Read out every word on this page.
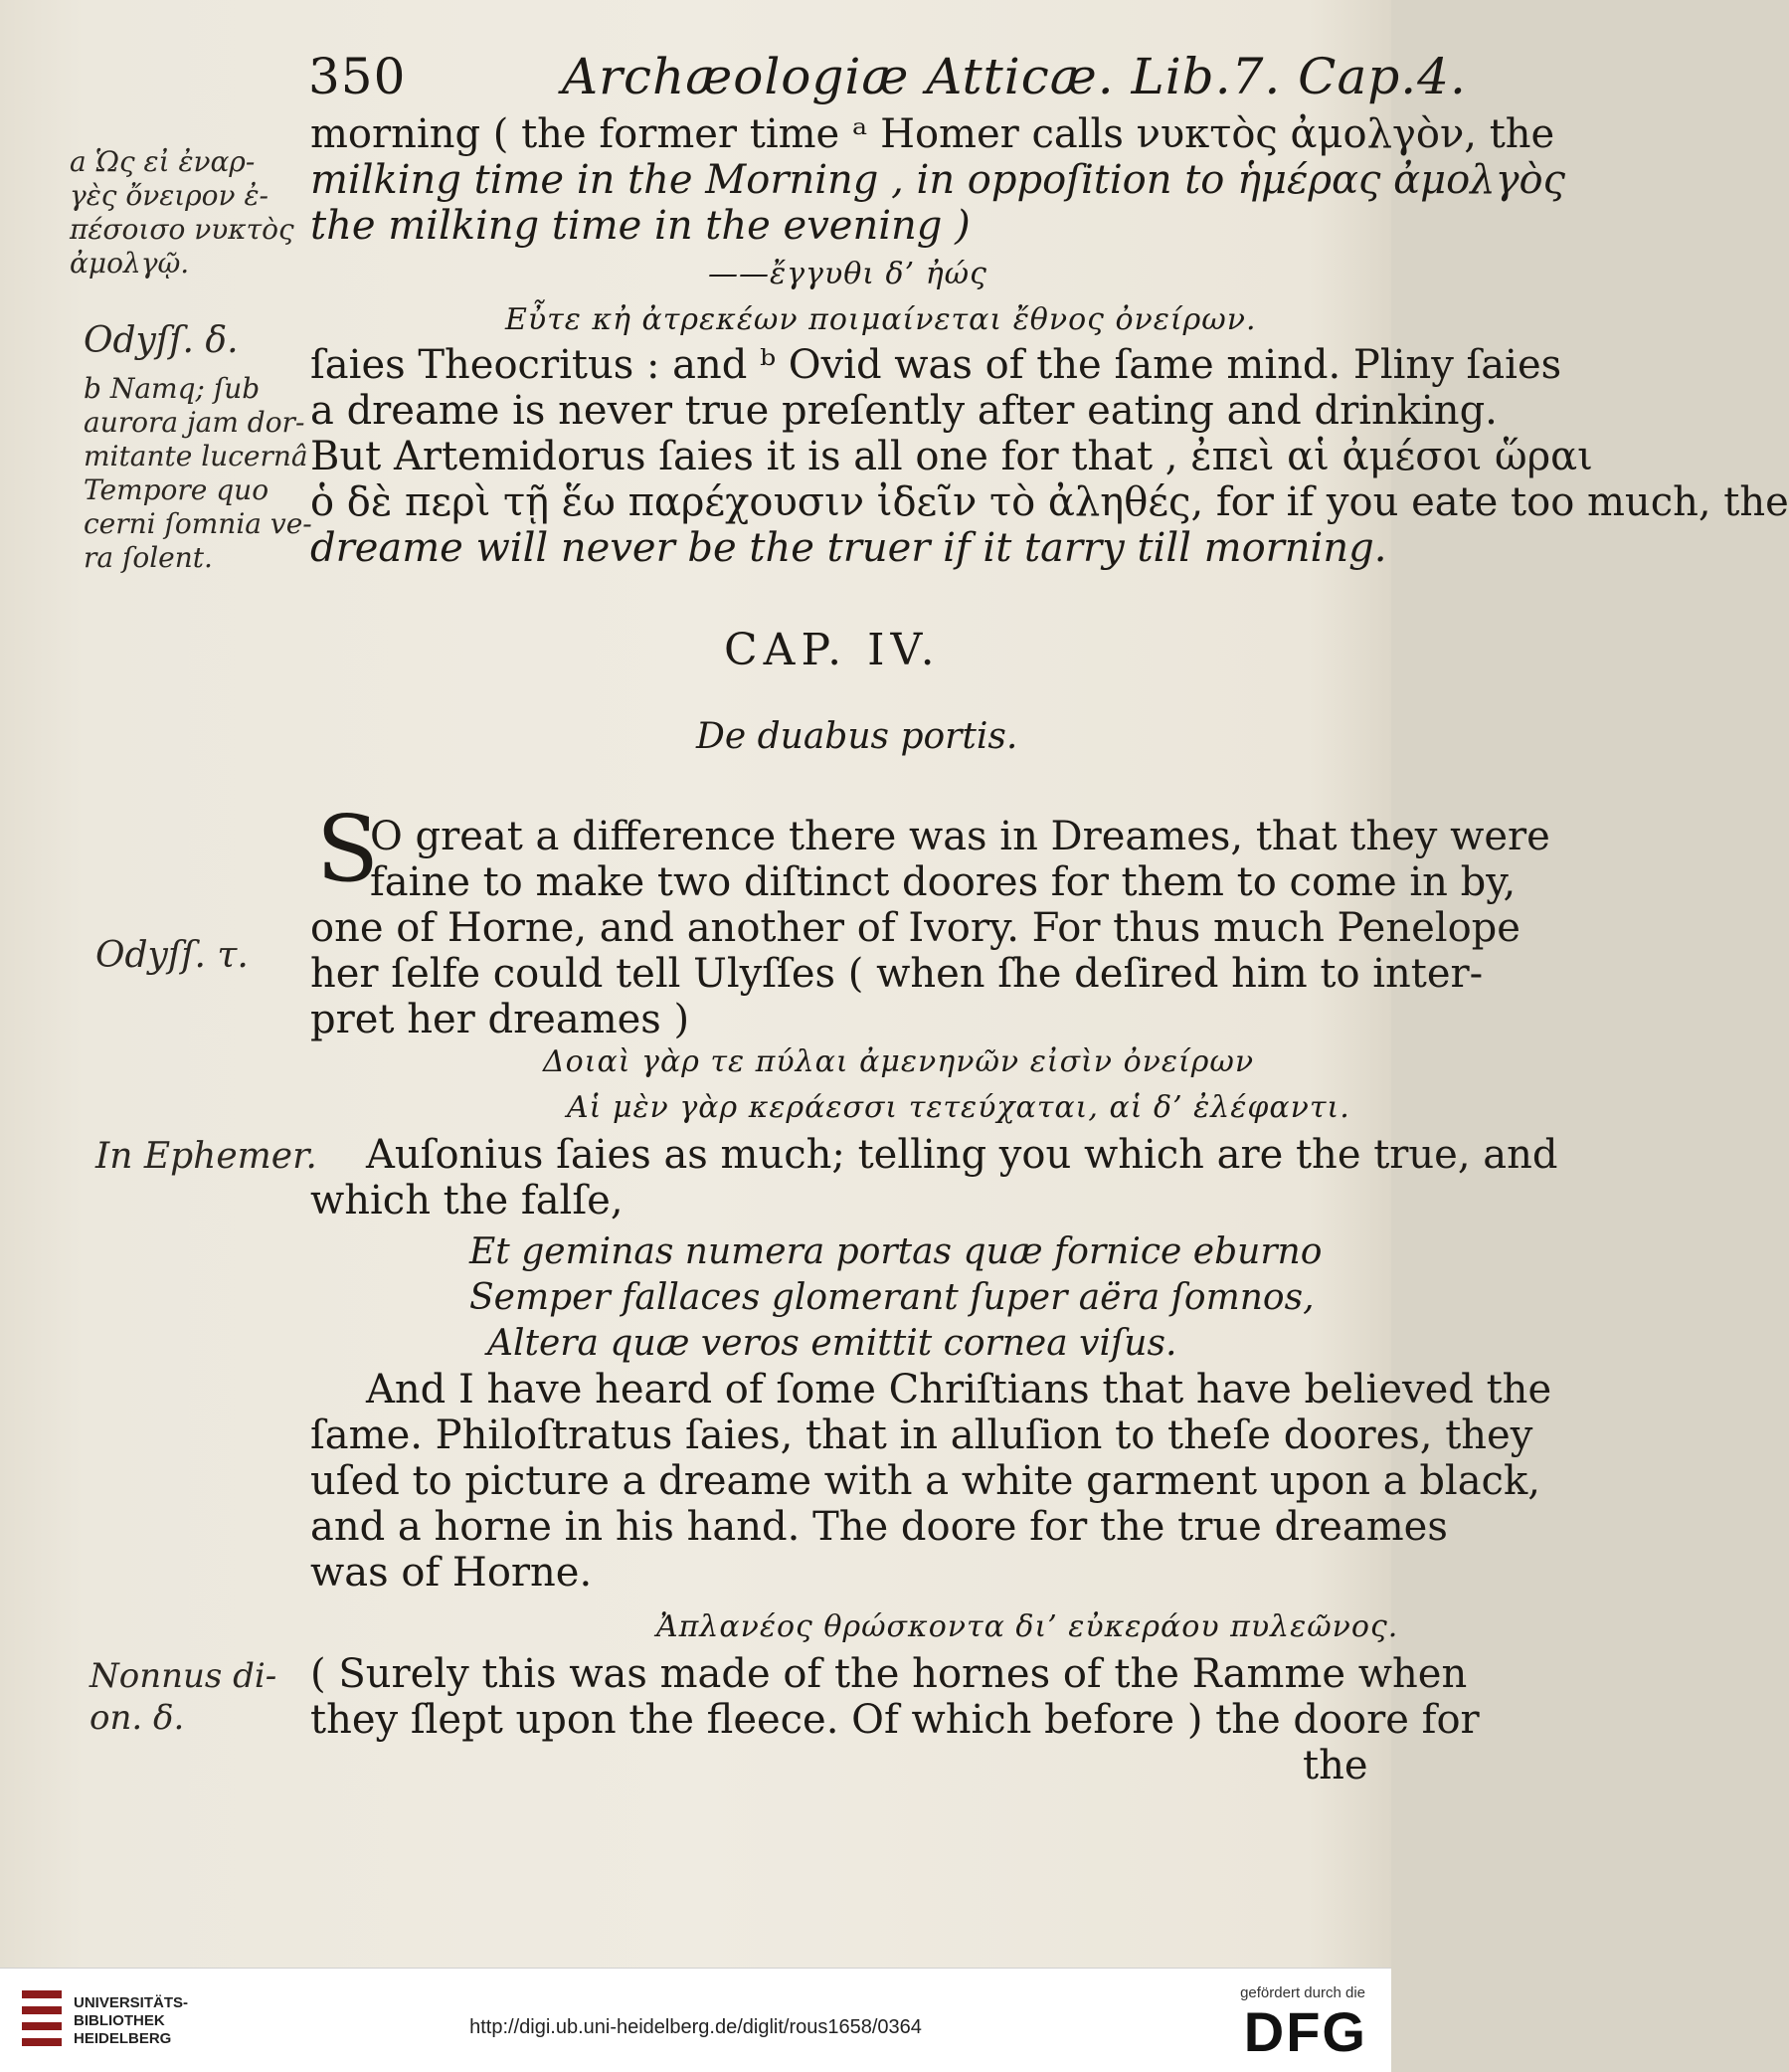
350	Archæologiæ Atticæ. Lib.7. Cap.4.
a Ὡς εἰ ἐναρ-
γὲς ὄνειρον ἐ-
πέσοισο νυκτὸς
ἀμολγῷ.
Odyſſ. δ.
b Namq; ſub
aurora jam dor-
mitante lucernâ
Tempore quo
cerni ſomnia ve-
ra ſolent.
morning ( the former time ᵃ Homer calls νυκτὸς ἀμολγὸν, the
milking time in the Morning , in oppoſition to ἡμέρας ἀμολγὸς
the milking time in the evening )
——ἔγγυθι δ’ ἠώς
Εὖτε κἠ ἀτρεκέων ποιμαίνεται ἔθνος ὀνείρων.
ſaies Theocritus : and ᵇ Ovid was of the ſame mind. Pliny ſaies
a dreame is never true preſently after eating and drinking.
But Artemidorus ſaies it is all one for that , ἐπεὶ αἱ ἀμέσοι ὥραι
ὁ δὲ περὶ τῇ ἕω παρέχουσιν ἰδεῖν τὸ ἀληθές, for if you eate too much, the
dreame will never be the truer if it tarry till morning.
CAP. IV.
De duabus portis.
S
O great a difference there was in Dreames, that they were
faine to make two diſtinct doores for them to come in by,
one of Horne, and another of Ivory. For thus much Penelope
her ſelfe could tell Ulyſſes ( when ſhe deſired him to inter-
pret her dreames )
Odyſſ. τ.
Δοιαὶ γὰρ τε πύλαι ἀμενηνῶν εἰσὶν ὀνείρων
Αἱ μὲν γὰρ κεράεσσι τετεύχαται, αἱ δ’ ἐλέφαντι.
In Ephemer.	Auſonius ſaies as much; telling you which are the true, and
which the falſe,
Et geminas numera portas quæ fornice eburno
Semper fallaces glomerant ſuper aëra ſomnos,
Altera quæ veros emittit cornea viſus.
And I have heard of ſome Chriſtians that have believed the
ſame. Philoſtratus ſaies, that in alluſion to theſe doores, they
uſed to picture a dreame with a white garment upon a black,
and a horne in his hand. The doore for the true dreames
was of Horne.
Ἀπλανέος θρώσκοντα δι’ εὐκεράου πυλεῶνος.
Nonnus di-
on. δ.
( Surely this was made of the hornes of the Ramme when
they ſlept upon the fleece. Of which before ) the doore for
the
UNIVERSITÄTS-
BIBLIOTHEK
HEIDELBERG
http://digi.ub.uni-heidelberg.de/diglit/rous1658/0364
gefördert durch die
DFG
